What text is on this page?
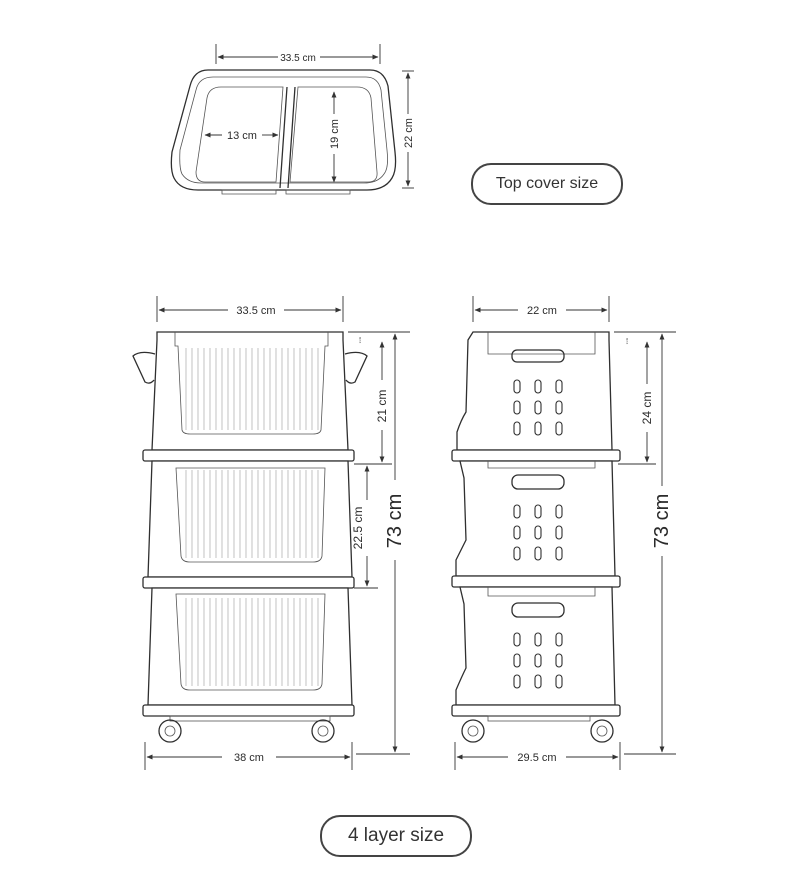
33.5 cm
22 cm
13 cm	19 cm
33.5 cm
3 cm
21 cm
22.5 cm 73 cm
38 cm
22 cm
3 cm
24 cm
73 cm
29.5 cm
Top cover size
4 layer size
